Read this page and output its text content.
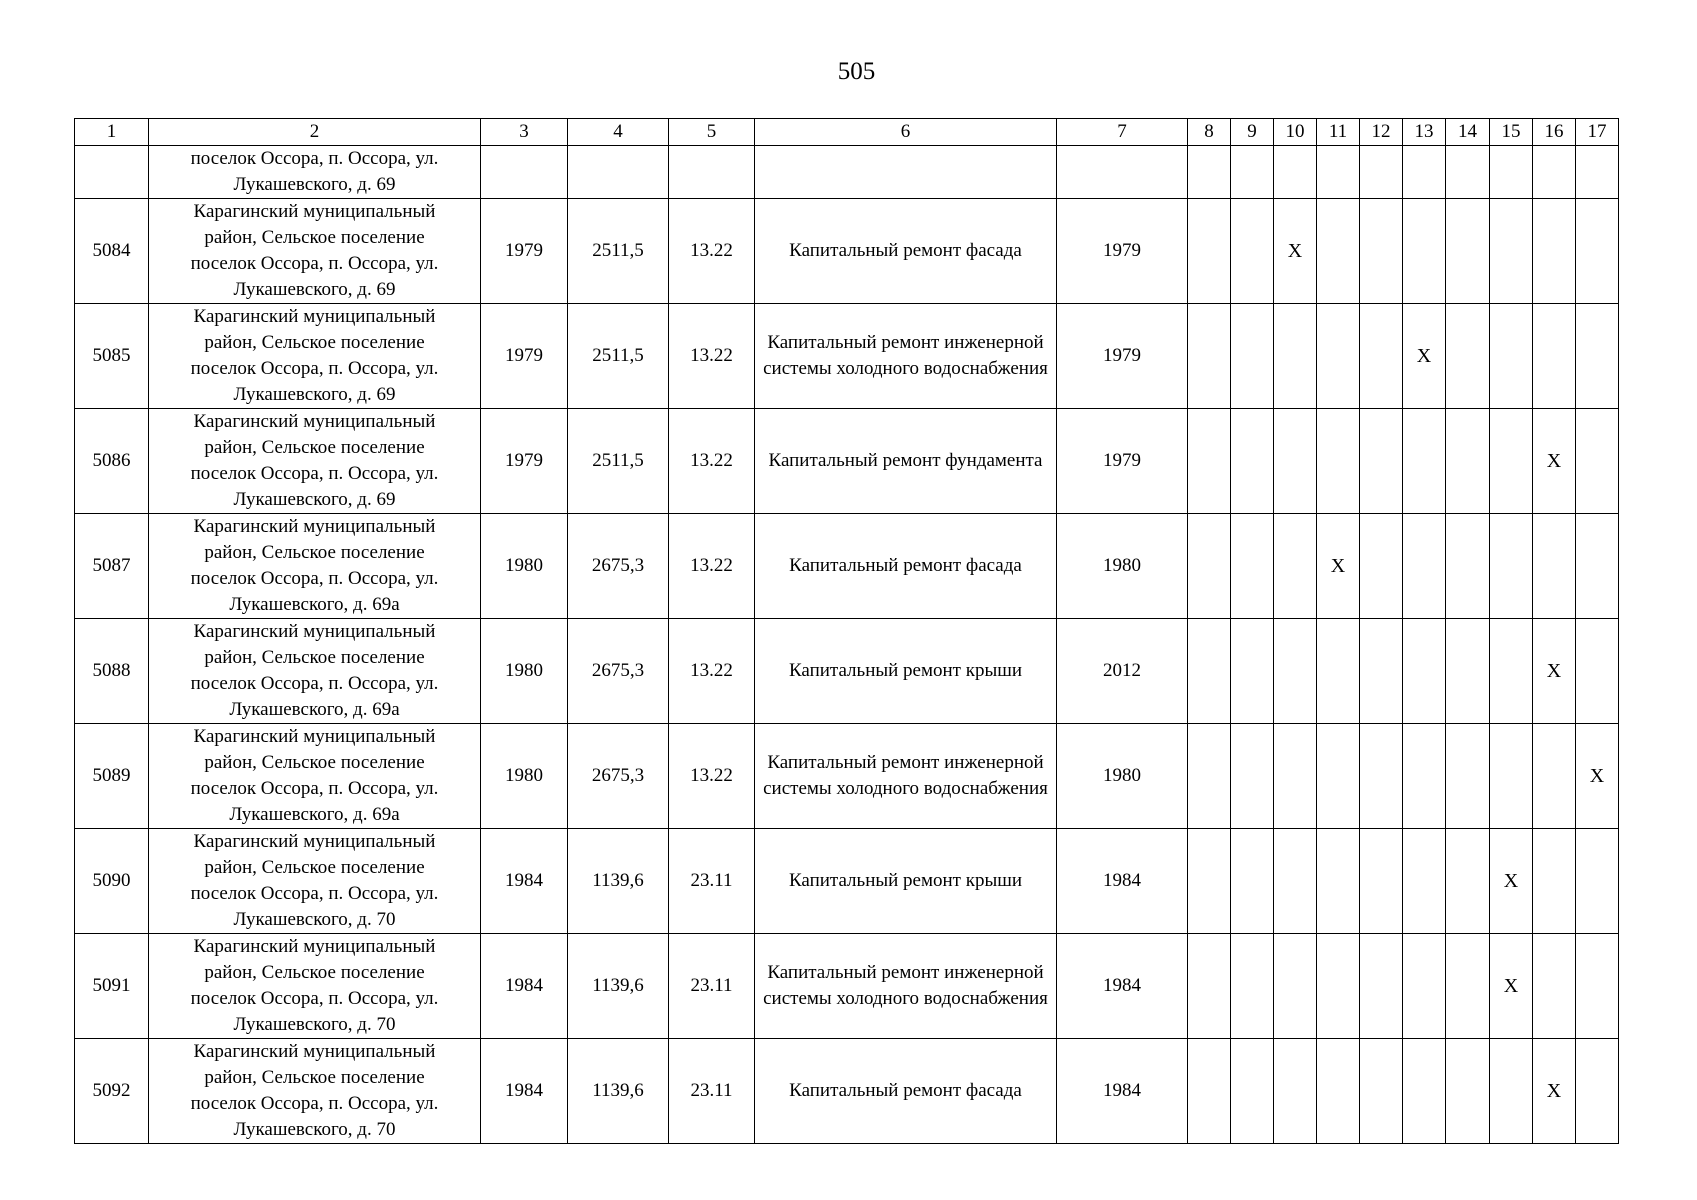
505
1	2	3	4	5	6	7	8	9	10	11	12	13	14	15	16	17

	поселок Оссора, п. Оссора, ул.
Лукашевского, д. 69															

5084	Карагинский муниципальный
район, Сельское поселение
поселок Оссора, п. Оссора, ул.
Лукашевского, д. 69	1979	2511,5	13.22	Капитальный ремонт фасада	1979			X							
5085	Карагинский муниципальный
район, Сельское поселение
поселок Оссора, п. Оссора, ул.
Лукашевского, д. 69	1979	2511,5	13.22	Капитальный ремонт инженерной системы холодного водоснабжения	1979						X				
5086	Карагинский муниципальный
район, Сельское поселение
поселок Оссора, п. Оссора, ул.
Лукашевского, д. 69	1979	2511,5	13.22	Капитальный ремонт фундамента	1979									X	
5087	Карагинский муниципальный
район, Сельское поселение
поселок Оссора, п. Оссора, ул.
Лукашевского, д. 69а	1980	2675,3	13.22	Капитальный ремонт фасада	1980				X						
5088	Карагинский муниципальный
район, Сельское поселение
поселок Оссора, п. Оссора, ул.
Лукашевского, д. 69а	1980	2675,3	13.22	Капитальный ремонт крыши	2012									X	
5089	Карагинский муниципальный
район, Сельское поселение
поселок Оссора, п. Оссора, ул.
Лукашевского, д. 69а	1980	2675,3	13.22	Капитальный ремонт инженерной системы холодного водоснабжения	1980										X
5090	Карагинский муниципальный
район, Сельское поселение
поселок Оссора, п. Оссора, ул.
Лукашевского, д. 70	1984	1139,6	23.11	Капитальный ремонт крыши	1984								X		
5091	Карагинский муниципальный
район, Сельское поселение
поселок Оссора, п. Оссора, ул.
Лукашевского, д. 70	1984	1139,6	23.11	Капитальный ремонт инженерной системы холодного водоснабжения	1984								X		
5092	Карагинский муниципальный
район, Сельское поселение
поселок Оссора, п. Оссора, ул.
Лукашевского, д. 70	1984	1139,6	23.11	Капитальный ремонт фасада	1984									X	
